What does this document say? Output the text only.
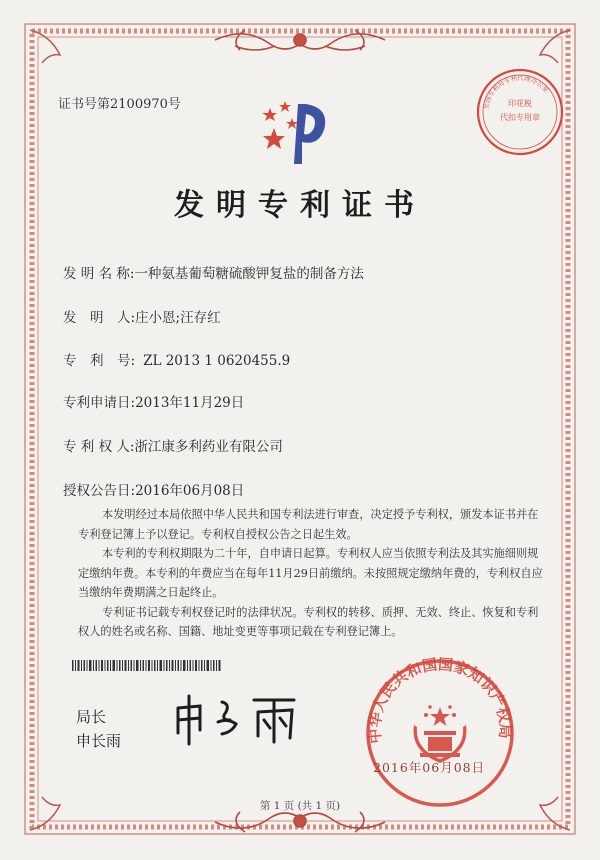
证书号第2100970号	印花税
代扣专用章
全国专利局专利代理办公室
发明专利证书
发 明 名 称:一种氨基葡萄糖硫酸钾复盐的制备方法
发　明　人:庄小恩;汪存红
专　利　号: ZL 2013 1 0620455.9
专利申请日:2013年11月29日
专 利 权 人:浙江康多利药业有限公司
授权公告日:2016年06月08日

本发明经过本局依照中华人民共和国专利法进行审查，决定授予专利权，颁发本证书并在专利登记簿上予以登记。专利权自授权公告之日起生效。

本专利的专利权期限为二十年，自申请日起算。专利权人应当依照专利法及其实施细则规定缴纳年费。本专利的年费应当在每年11月29日前缴纳。未按照规定缴纳年费的，专利权自应当缴纳年费期满之日起终止。

专利证书记载专利权登记时的法律状况。专利权的转移、质押、无效、终止、恢复和专利权人的姓名或名称、国籍、地址变更等事项记载在专利登记簿上。

局长
申长雨	中华人民共和国国家知识产权局
2016年06月08日
第 1 页 (共 1 页)
